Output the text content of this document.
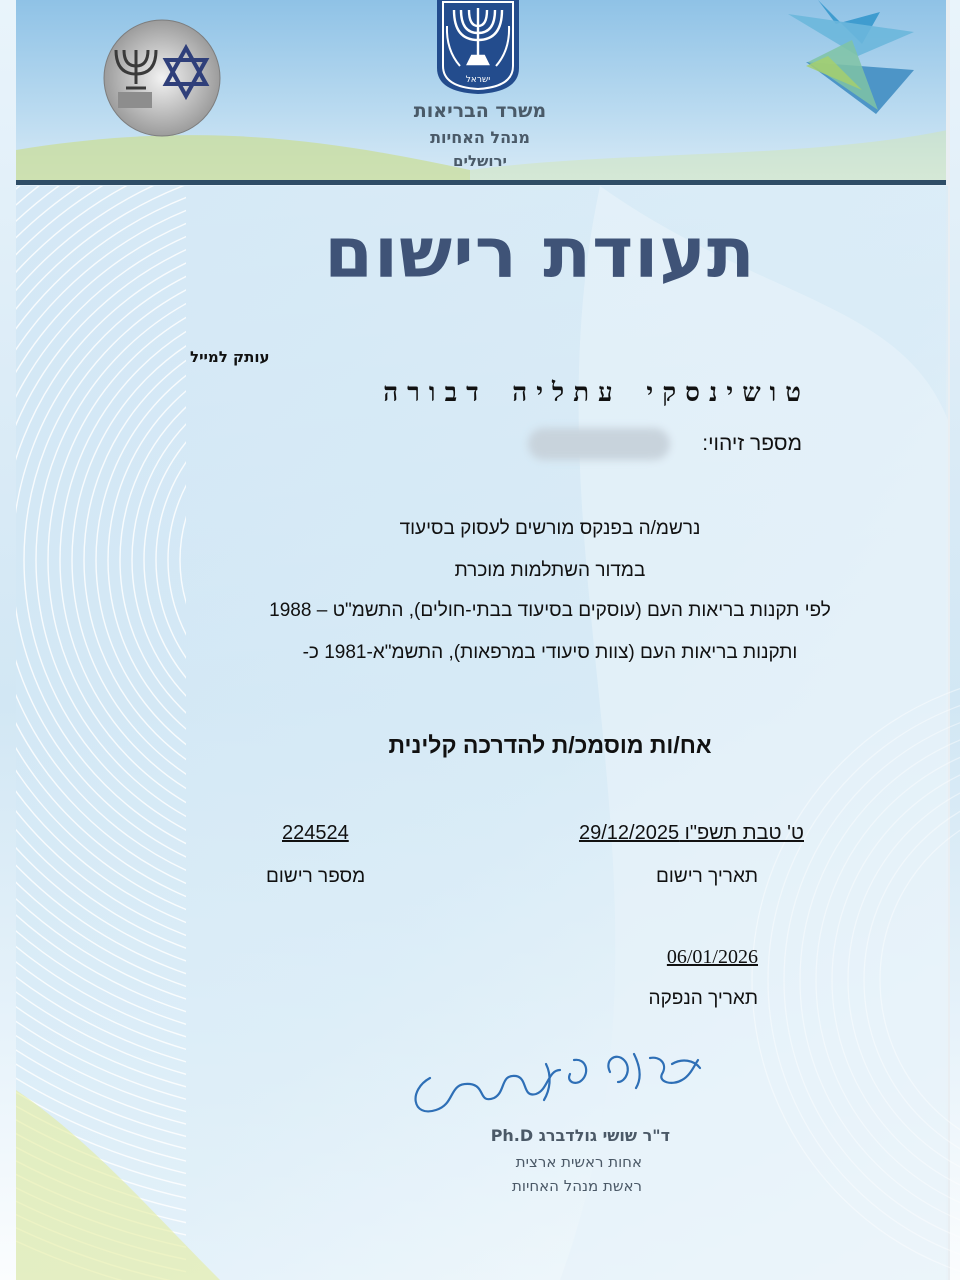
ישראל
משרד הבריאות
מנהל האחיות
ירושלים
תעודת רישום
עותק למייל
טושינסקי עתליה דבורה
מספר זיהוי:
נרשמ/ה בפנקס מורשים לעסוק בסיעוד
במדור השתלמות מוכרת
לפי תקנות בריאות העם (עוסקים בסיעוד בבתי-חולים), התשמ"ט – 1988
ותקנות בריאות העם (צוות סיעודי במרפאות), התשמ"א-1981 כ-
אח/ות מוסמכ/ת להדרכה קלינית
ט' טבת תשפ"ו 29/12/2025
תאריך רישום
224524
מספר רישום
06/01/2026
תאריך הנפקה
ד"ר שושי גולדברג Ph.D
אחות ראשית ארצית
ראשת מנהל האחיות
